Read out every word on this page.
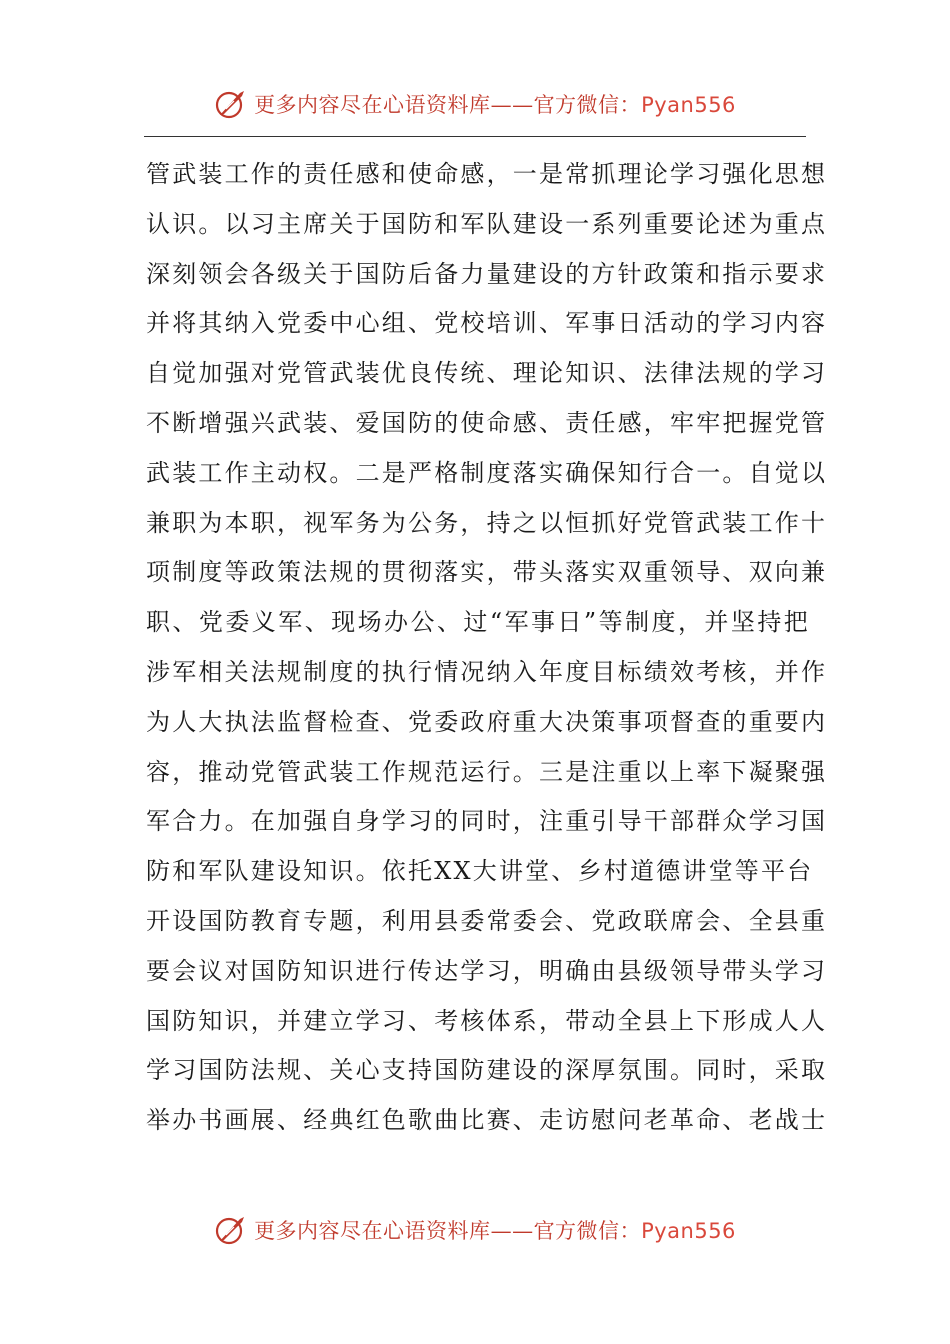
更多内容尽在心语资料库——官方微信：Pyan556
管武装工作的责任感和使命感，一是常抓理论学习强化思想
认识。以习主席关于国防和军队建设一系列重要论述为重点
深刻领会各级关于国防后备力量建设的方针政策和指示要求
并将其纳入党委中心组、党校培训、军事日活动的学习内容
自觉加强对党管武装优良传统、理论知识、法律法规的学习
不断增强兴武装、爱国防的使命感、责任感，牢牢把握党管
武装工作主动权。二是严格制度落实确保知行合一。自觉以
兼职为本职，视军务为公务，持之以恒抓好党管武装工作十
项制度等政策法规的贯彻落实，带头落实双重领导、双向兼
职、党委义军、现场办公、过“军事日”等制度，并坚持把
涉军相关法规制度的执行情况纳入年度目标绩效考核，并作
为人大执法监督检查、党委政府重大决策事项督查的重要内
容，推动党管武装工作规范运行。三是注重以上率下凝聚强
军合力。在加强自身学习的同时，注重引导干部群众学习国
防和军队建设知识。依托XX大讲堂、乡村道德讲堂等平台
开设国防教育专题，利用县委常委会、党政联席会、全县重
要会议对国防知识进行传达学习，明确由县级领导带头学习
国防知识，并建立学习、考核体系，带动全县上下形成人人
学习国防法规、关心支持国防建设的深厚氛围。同时，采取
举办书画展、经典红色歌曲比赛、走访慰问老革命、老战士
更多内容尽在心语资料库——官方微信：Pyan556
